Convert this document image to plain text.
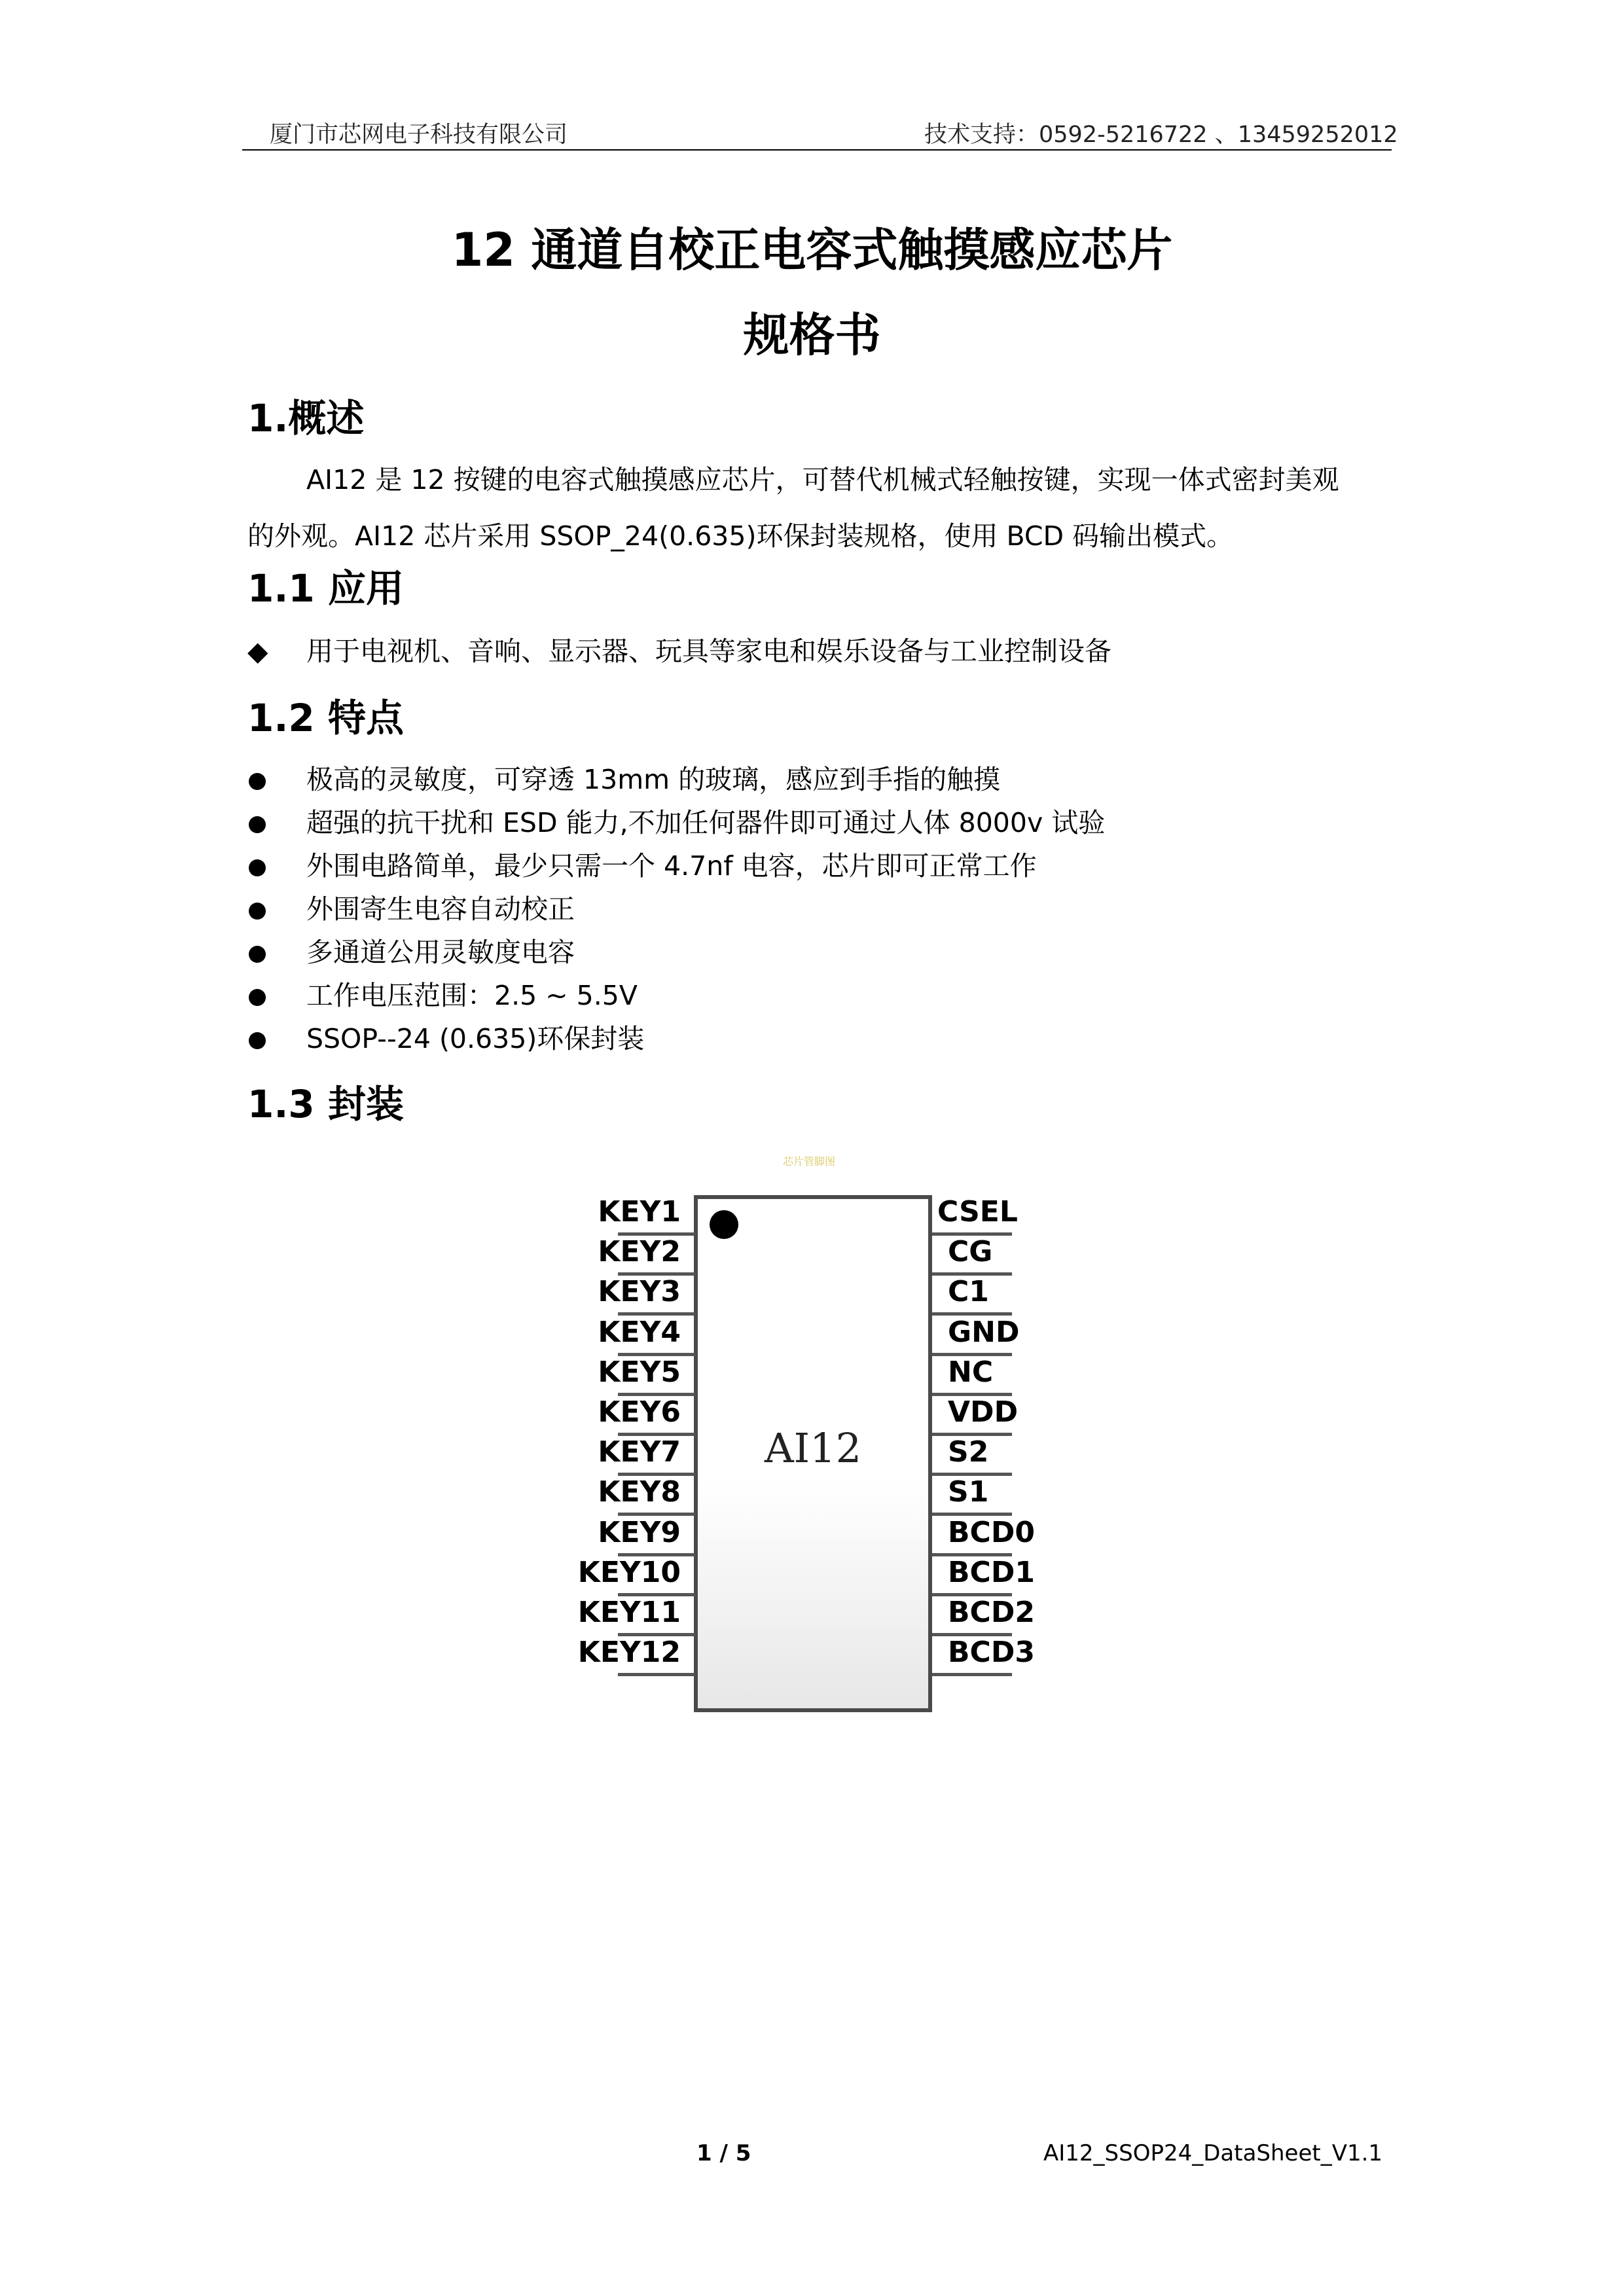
厦门市芯网电子科技有限公司	技术支持：0592-5216722 、13459252012
12 通道自校正电容式触摸感应芯片
规格书
1.概述

AI12 是 12 按键的电容式触摸感应芯片，可替代机械式轻触按键，实现一体式密封美观

的外观。AI12 芯片采用 SSOP_24(0.635)环保封装规格，使用 BCD 码输出模式。

1.1 应用
◆ 用于电视机、音响、显示器、玩具等家电和娱乐设备与工业控制设备
1.2 特点
极高的灵敏度，可穿透 13mm 的玻璃，感应到手指的触摸
超强的抗干扰和 ESD 能力,不加任何器件即可通过人体 8000v 试验
外围电路简单，最少只需一个 4.7nf 电容，芯片即可正常工作
外围寄生电容自动校正
多通道公用灵敏度电容
工作电压范围：2.5 ~ 5.5V
SSOP--24 (0.635)环保封装
1.3 封装
芯片管脚图
AI12
KEY1
KEY2
KEY3
KEY4
KEY5
KEY6
KEY7
KEY8
KEY9
KEY10
KEY11
KEY12
CSEL
CG
C1
GND
NC
VDD
S2
S1
BCD0
BCD1
BCD2
BCD3
1 / 5	AI12_SSOP24_DataSheet_V1.1
